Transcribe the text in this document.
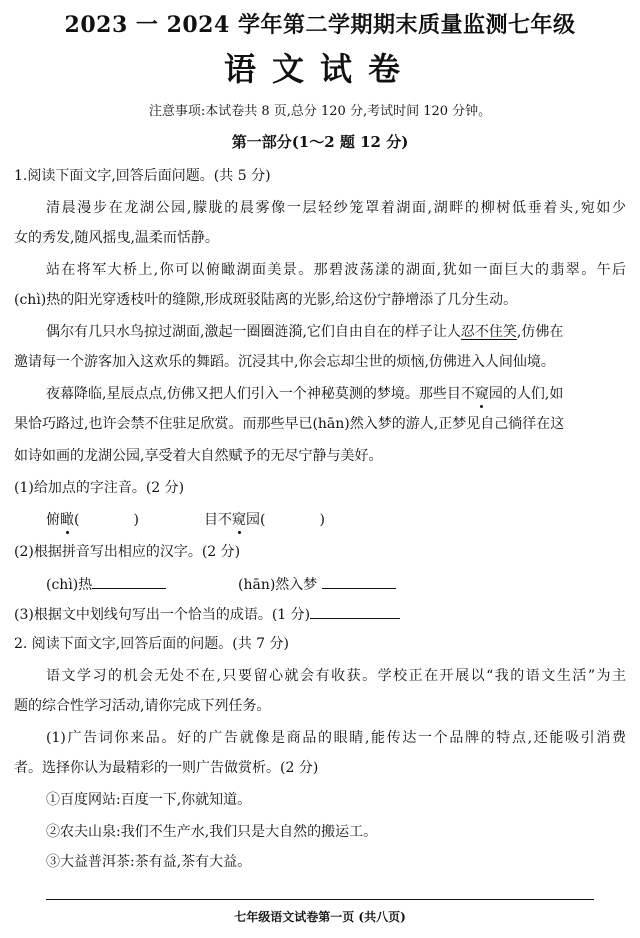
2023 一 2024 学年第二学期期末质量监测七年级
语文试卷
注意事项:本试卷共 8 页,总分 120 分,考试时间 120 分钟。
第一部分(1～2 题 12 分)
1.阅读下面文字,回答后面问题。(共 5 分)
清晨漫步在龙湖公园,朦胧的晨雾像一层轻纱笼罩着湖面,湖畔的柳树低垂着头,宛如少
女的秀发,随风摇曳,温柔而恬静。
站在将军大桥上,你可以俯瞰湖面美景。那碧波荡漾的湖面,犹如一面巨大的翡翠。午后
(chì)热的阳光穿透枝叶的缝隙,形成斑驳陆离的光影,给这份宁静增添了几分生动。
偶尔有几只水鸟掠过湖面,激起一圈圈涟漪,它们自由自在的样子让人忍不住笑,仿佛在
邀请每一个游客加入这欢乐的舞蹈。沉浸其中,你会忘却尘世的烦恼,仿佛进入人间仙境。
夜幕降临,星辰点点,仿佛又把人们引入一个神秘莫测的梦境。那些目不窥园的人们,如
果恰巧路过,也许会禁不住驻足欣赏。而那些早已(hān)然入梦的游人,正梦见自己徜徉在这
如诗如画的龙湖公园,享受着大自然赋予的无尽宁静与美好。
(1)给加点的字注音。(2 分)
俯瞰(	)	目不窥园(	)
(2)根据拼音写出相应的汉字。(2 分)
(chì)热	(hān)然入梦
(3)根据文中划线句写出一个恰当的成语。(1 分)
2. 阅读下面文字,回答后面的问题。(共 7 分)
语文学习的机会无处不在,只要留心就会有收获。学校正在开展以“我的语文生活”为主
题的综合性学习活动,请你完成下列任务。
(1)广告词你来品。好的广告就像是商品的眼睛,能传达一个品牌的特点,还能吸引消费
者。选择你认为最精彩的一则广告做赏析。(2 分)
①百度网站:百度一下,你就知道。
②农夫山泉:我们不生产水,我们只是大自然的搬运工。
③大益普洱茶:茶有益,茶有大益。
七年级语文试卷第一页 (共八页)
